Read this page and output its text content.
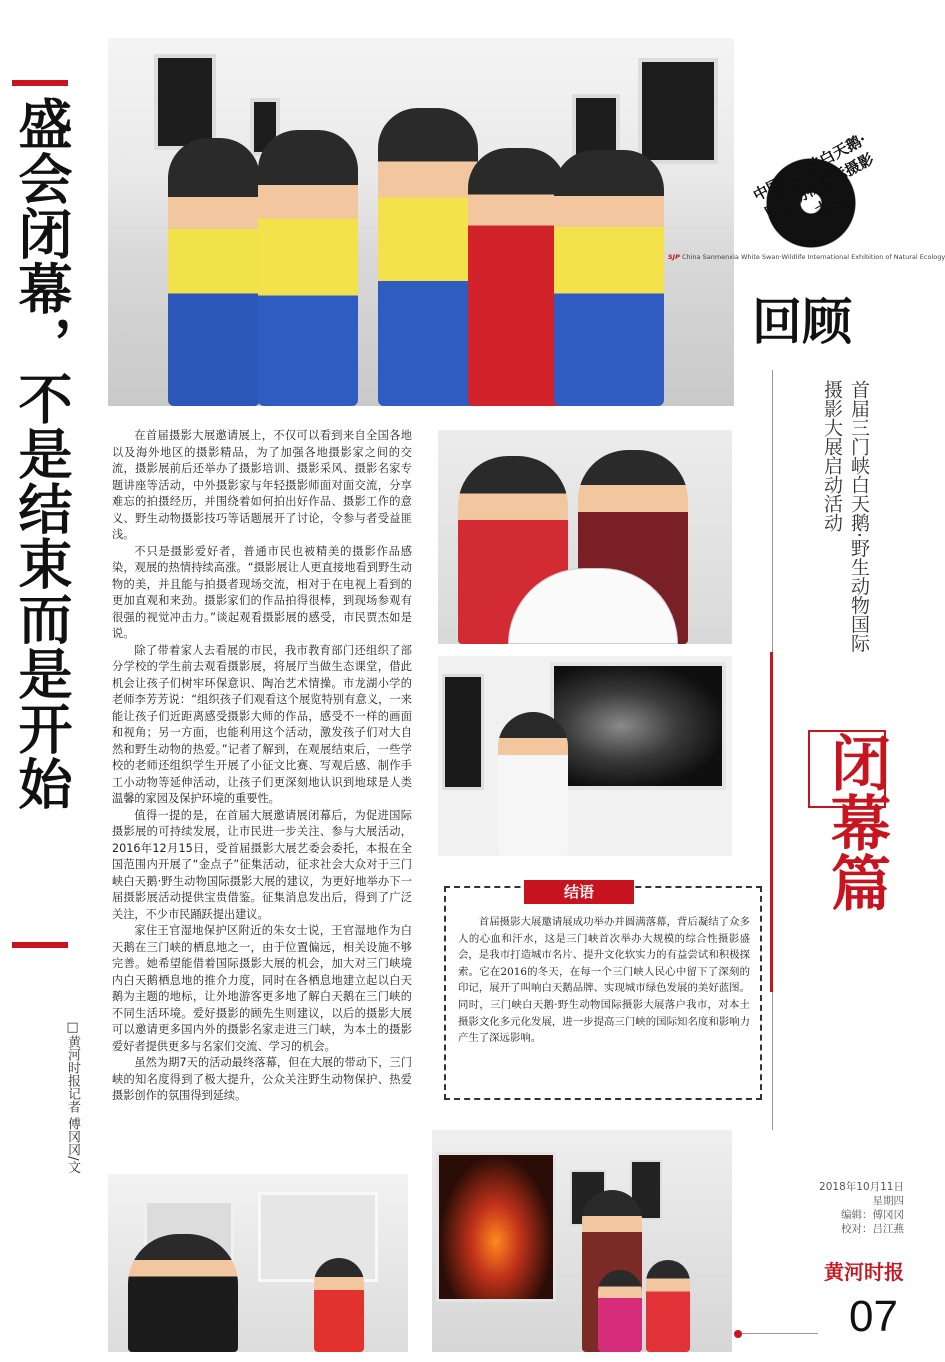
盛会闭幕，不是结束而是开始
□黄河时报记者 傅冈冈/文

在首届摄影大展邀请展上，不仅可以看到来自全国各地以及海外地区的摄影精品，为了加强各地摄影家之间的交流，摄影展前后还举办了摄影培训、摄影采风、摄影名家专题讲座等活动，中外摄影家与年轻摄影师面对面交流，分享难忘的拍摄经历，并围绕着如何拍出好作品、摄影工作的意义、野生动物摄影技巧等话题展开了讨论，令参与者受益匪浅。

不只是摄影爱好者，普通市民也被精美的摄影作品感染，观展的热情持续高涨。“摄影展让人更直接地看到野生动物的美，并且能与拍摄者现场交流，相对于在电视上看到的更加直观和来劲。摄影家们的作品拍得很棒，到现场参观有很强的视觉冲击力。”谈起观看摄影展的感受，市民贾杰如是说。

除了带着家人去看展的市民，我市教育部门还组织了部分学校的学生前去观看摄影展，将展厅当做生态课堂，借此机会让孩子们树牢环保意识、陶冶艺术情操。市龙湖小学的老师李芳芳说：“组织孩子们观看这个展览特别有意义，一来能让孩子们近距离感受摄影大师的作品，感受不一样的画面和视角；另一方面，也能利用这个活动，激发孩子们对大自然和野生动物的热爱。”记者了解到，在观展结束后，一些学校的老师还组织学生开展了小征文比赛、写观后感、制作手工小动物等延伸活动，让孩子们更深刻地认识到地球是人类温馨的家园及保护环境的重要性。

值得一提的是，在首届大展邀请展闭幕后，为促进国际摄影展的可持续发展，让市民进一步关注、参与大展活动，2016年12月15日，受首届摄影大展艺委会委托，本报在全国范围内开展了“金点子”征集活动，征求社会大众对于三门峡白天鹅·野生动物国际摄影大展的建议，为更好地举办下一届摄影展活动提供宝贵借鉴。征集消息发出后，得到了广泛关注，不少市民踊跃提出建议。

家住王官湿地保护区附近的朱女士说，王官湿地作为白天鹅在三门峡的栖息地之一，由于位置偏远，相关设施不够完善。她希望能借着国际摄影大展的机会，加大对三门峡境内白天鹅栖息地的推介力度，同时在各栖息地建立起以白天鹅为主题的地标，让外地游客更多地了解白天鹅在三门峡的不同生活环境。爱好摄影的顾先生则建议，以后的摄影大展可以邀请更多国内外的摄影名家走进三门峡，为本土的摄影爱好者提供更多与名家们交流、学习的机会。

虽然为期7天的活动最终落幕，但在大展的带动下，三门峡的知名度得到了极大提升，公众关注野生动物保护、热爱摄影创作的氛围得到延续。

中国三门峡白天鹅·野生动物国际摄影大展
SJP China Sanmenxia White Swan·Wildlife International Exhibition of Natural Ecology
回顾
首届三门峡白天鹅·野生动物国际摄影大展启动活动
闭幕篇
结语
首届摄影大展邀请展成功举办并圆满落幕，背后凝结了众多人的心血和汗水，这是三门峡首次举办大规模的综合性摄影盛会，是我市打造城市名片、提升文化软实力的有益尝试和积极探索。它在2016的冬天，在每一个三门峡人民心中留下了深刻的印记，展开了叫响白天鹅品牌、实现城市绿色发展的美好蓝图。同时，三门峡白天鹅·野生动物国际摄影大展落户我市，对本土摄影文化多元化发展，进一步提高三门峡的国际知名度和影响力产生了深远影响。
2018年10月11日
星期四
编辑：傅冈冈
校对：吕江燕
黄河时报
07
